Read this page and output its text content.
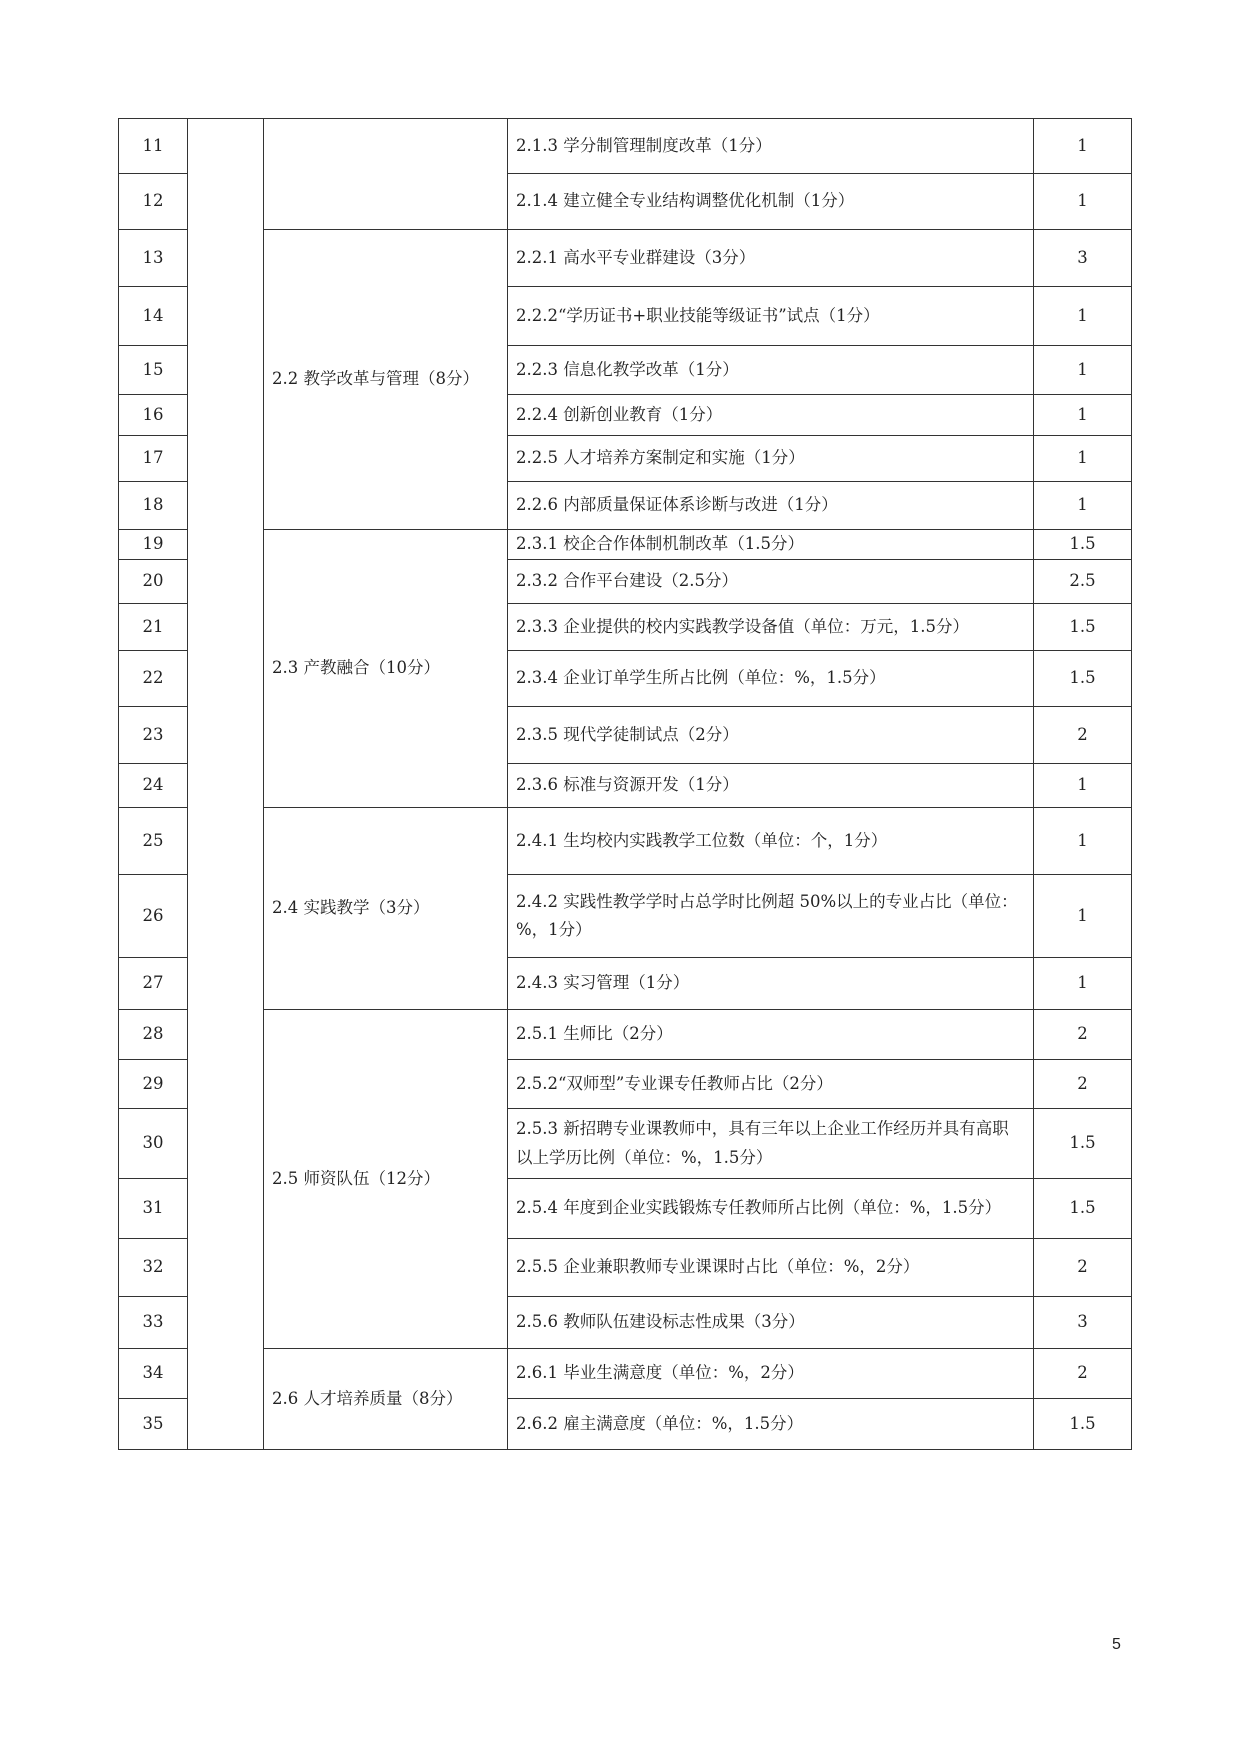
11			2.1.3 学分制管理制度改革（1分）	1
12			2.1.4 建立健全专业结构调整优化机制（1分）	1
13		2.2 教学改革与管理（8分）	2.2.1 高水平专业群建设（3分）	3
14			2.2.2“学历证书+职业技能等级证书”试点（1分）	1
15			2.2.3 信息化教学改革（1分）	1
16			2.2.4 创新创业教育（1分）	1
17			2.2.5 人才培养方案制定和实施（1分）	1
18			2.2.6 内部质量保证体系诊断与改进（1分）	1
19		2.3 产教融合（10分）	2.3.1 校企合作体制机制改革（1.5分）	1.5
20			2.3.2 合作平台建设（2.5分）	2.5
21			2.3.3 企业提供的校内实践教学设备值（单位：万元，1.5分）	1.5
22			2.3.4 企业订单学生所占比例（单位：%，1.5分）	1.5
23			2.3.5 现代学徒制试点（2分）	2
24			2.3.6 标准与资源开发（1分）	1
25		2.4 实践教学（3分）	2.4.1 生均校内实践教学工位数（单位：个，1分）	1
26			2.4.2 实践性教学学时占总学时比例超 50%以上的专业占比（单位：%，1分）	1
27			2.4.3 实习管理（1分）	1
28		2.5 师资队伍（12分）	2.5.1 生师比（2分）	2
29			2.5.2“双师型”专业课专任教师占比（2分）	2
30			2.5.3 新招聘专业课教师中，具有三年以上企业工作经历并具有高职以上学历比例（单位：%，1.5分）	1.5
31			2.5.4 年度到企业实践锻炼专任教师所占比例（单位：%，1.5分）	1.5
32			2.5.5 企业兼职教师专业课课时占比（单位：%，2分）	2
33			2.5.6 教师队伍建设标志性成果（3分）	3
34		2.6 人才培养质量（8分）	2.6.1 毕业生满意度（单位：%，2分）	2
35			2.6.2 雇主满意度（单位：%，1.5分）	1.5
5
